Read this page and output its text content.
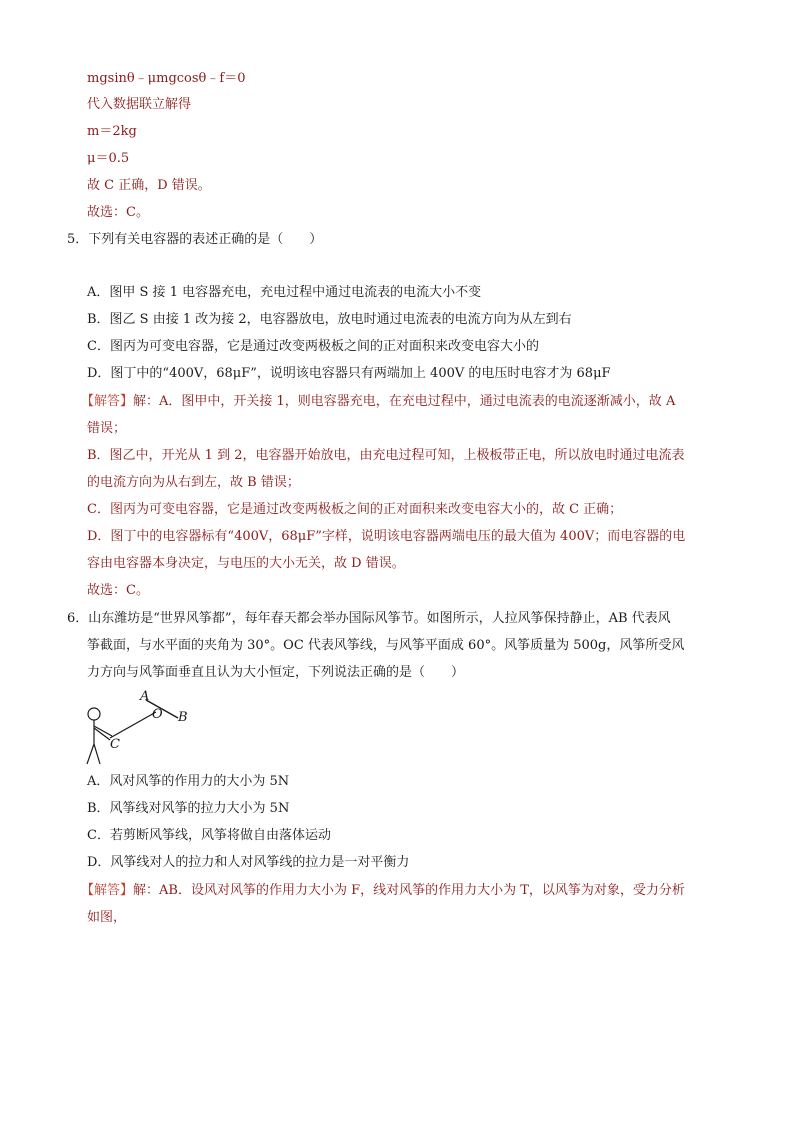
mgsinθ﹣μmgcosθ﹣f＝0
代入数据联立解得
m＝2kg
μ＝0.5
故 C 正确，D 错误。
故选：C。
5．下列有关电容器的表述正确的是（　　）
A．图甲 S 接 1 电容器充电，充电过程中通过电流表的电流大小不变
B．图乙 S 由接 1 改为接 2，电容器放电，放电时通过电流表的电流方向为从左到右
C．图丙为可变电容器，它是通过改变两极板之间的正对面积来改变电容大小的
D．图丁中的“400V，68μF”，说明该电容器只有两端加上 400V 的电压时电容才为 68μF
【解答】解：A．图甲中，开关接 1，则电容器充电，在充电过程中，通过电流表的电流逐渐减小，故 A
错误；
B．图乙中，开光从 1 到 2，电容器开始放电，由充电过程可知，上极板带正电，所以放电时通过电流表
的电流方向为从右到左，故 B 错误；
C．图丙为可变电容器，它是通过改变两极板之间的正对面积来改变电容大小的，故 C 正确；
D．图丁中的电容器标有“400V，68μF”字样，说明该电容器两端电压的最大值为 400V；而电容器的电
容由电容器本身决定，与电压的大小无关，故 D 错误。
故选：C。
6．山东潍坊是“世界风筝都”，每年春天都会举办国际风筝节。如图所示，人拉风筝保持静止，AB 代表风
筝截面，与水平面的夹角为 30°。OC 代表风筝线，与风筝平面成 60°。风筝质量为 500g，风筝所受风
力方向与风筝面垂直且认为大小恒定，下列说法正确的是（　　）
A
O B
C
A．风对风筝的作用力的大小为 5N
B．风筝线对风筝的拉力大小为 5N
C．若剪断风筝线，风筝将做自由落体运动
D．风筝线对人的拉力和人对风筝线的拉力是一对平衡力
【解答】解：AB．设风对风筝的作用力大小为 F，线对风筝的作用力大小为 T，以风筝为对象，受力分析
如图，
